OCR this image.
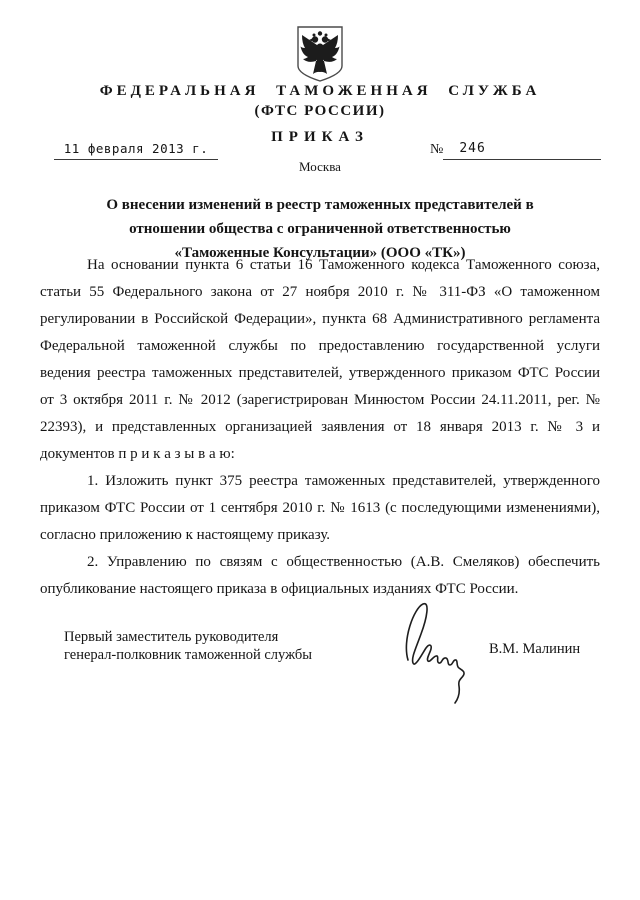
ФЕДЕРАЛЬНАЯ ТАМОЖЕННАЯ СЛУЖБА
(ФТС РОССИИ)
ПРИКАЗ
11 февраля 2013 г.	№	246
Москва
О внесении изменений в реестр таможенных представителей в
отношении общества с ограниченной ответственностью
«Таможенные Консультации» (ООО «ТК»)

На основании пункта 6 статьи 16 Таможенного кодекса Таможенного союза, статьи 55 Федерального закона от 27 ноября 2010 г. № 311-ФЗ «О таможенном регулировании в Российской Федерации», пункта 68 Административного регламента Федеральной таможенной службы по предоставлению государственной услуги ведения реестра таможенных представителей, утвержденного приказом ФТС России от 3 октября 2011 г. № 2012 (зарегистрирован Минюстом России 24.11.2011, рег. № 22393), и представленных организацией заявления от 18 января 2013 г. № 3 и документов п р и к а з ы в а ю:

1. Изложить пункт 375 реестра таможенных представителей, утвержденного приказом ФТС России от 1 сентября 2010 г. № 1613 (с последующими изменениями), согласно приложению к настоящему приказу.

2. Управлению по связям с общественностью (А.В. Смеляков) обеспечить опубликование настоящего приказа в официальных изданиях ФТС России.

Первый заместитель руководителя
генерал-полковник таможенной службы	В.М. Малинин
